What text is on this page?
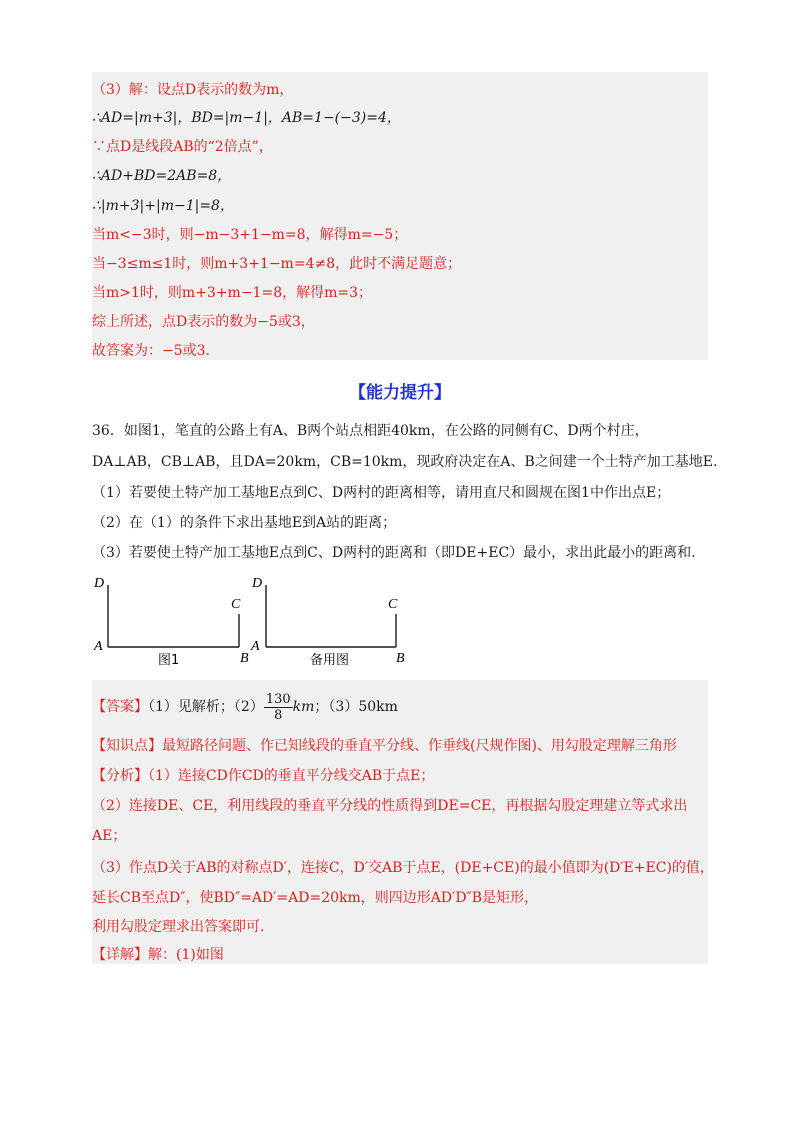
（3）解：设点D表示的数为m，
∴AD=|m+3|，BD=|m−1|，AB=1−(−3)=4，
∵点D是线段AB的“2倍点”，
∴AD+BD=2AB=8，
∴|m+3|+|m−1|=8，
当m<−3时，则−m−3+1−m=8，解得m=−5；
当−3≤m≤1时，则m+3+1−m=4≠8，此时不满足题意；
当m>1时，则m+3+m−1=8，解得m=3；
综上所述，点D表示的数为−5或3，
故答案为：−5或3.
【能力提升】
36．如图1，笔直的公路上有A、B两个站点相距40km，在公路的同侧有C、D两个村庄，
DA⊥AB，CB⊥AB，且DA=20km，CB=10km，现政府决定在A、B之间建一个土特产加工基地E.
（1）若要使土特产加工基地E点到C、D两村的距离相等，请用直尺和圆规在图1中作出点E；
（2）在（1）的条件下求出基地E到A站的距离；
（3）若要使土特产加工基地E点到C、D两村的距离和（即DE+EC）最小，求出此最小的距离和.
D
C
A
B
图1
D
C
A
B
备用图
【答案】（1）见解析；$(2) \frac{130}{8}$ km；（3）50km
【知识点】最短路径问题、作已知线段的垂直平分线、作垂线(尺规作图)、用勾股定理解三角形
【分析】（1）连接CD作CD的垂直平分线交AB于点E；
（2）连接DE、CE，利用线段的垂直平分线的性质得到DE=CE，再根据勾股定理建立等式求出
AE；
（3）作点D关于AB的对称点D′，连接C，D′交AB于点E，(DE+CE)的最小值即为(D′E+EC)的值，
延长CB至点D″，使BD″=AD′=AD=20km，则四边形AD′D″B是矩形，
利用勾股定理求出答案即可.
【详解】解：(1)如图
